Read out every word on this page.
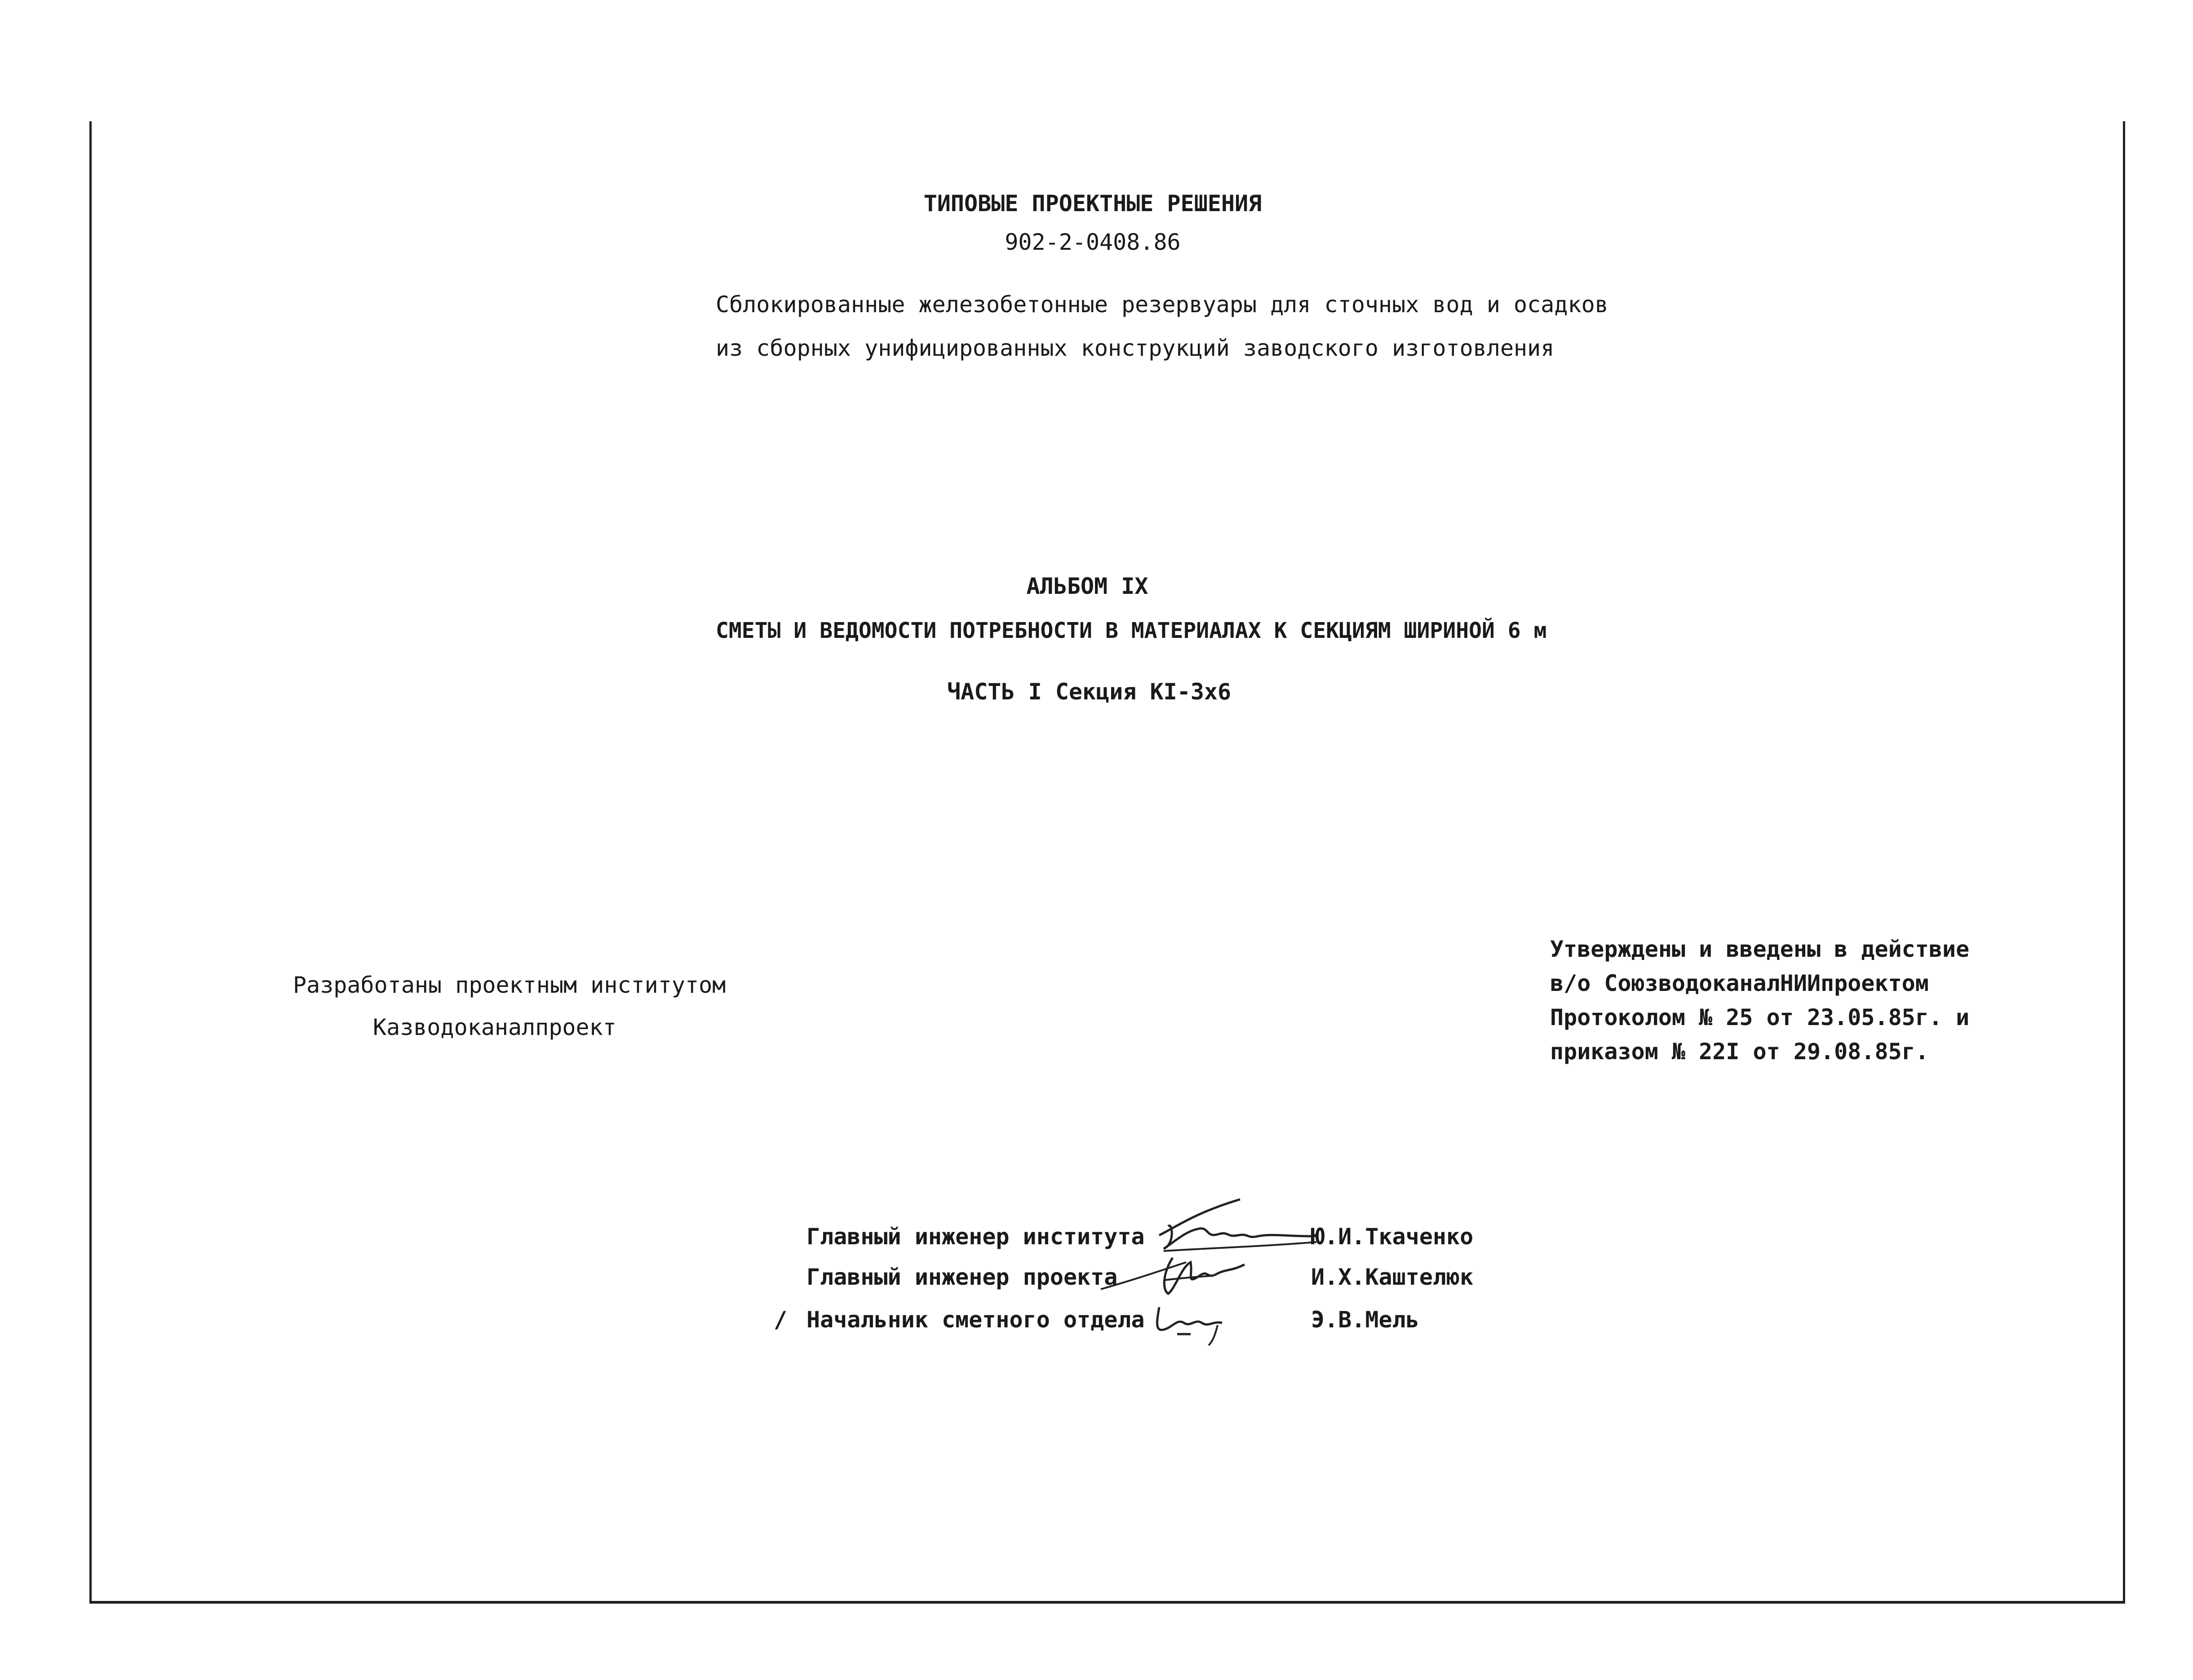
ТИПОВЫЕ ПРОЕКТНЫЕ РЕШЕНИЯ
902-2-0408.86
Сблокированные железобетонные резервуары для сточных вод и осадков
из сборных унифицированных конструкций заводского изготовления
АЛЬБОМ IX
СМЕТЫ И ВЕДОМОСТИ ПОТРЕБНОСТИ В МАТЕРИАЛАХ К СЕКЦИЯМ ШИРИНОЙ 6 м
ЧАСТЬ I Секция KI-3x6
Разработаны проектным институтом
Казводоканалпроект
Утверждены и введены в действие
в/о СоюзводоканалНИИпроектом
Протоколом № 25 от 23.05.85г. и
приказом № 22I от 29.08.85г.
Главный инженер института	Ю.И.Ткаченко
Главный инженер проекта	И.Х.Каштелюк
/ Начальник сметного отдела	Э.В.Мель
